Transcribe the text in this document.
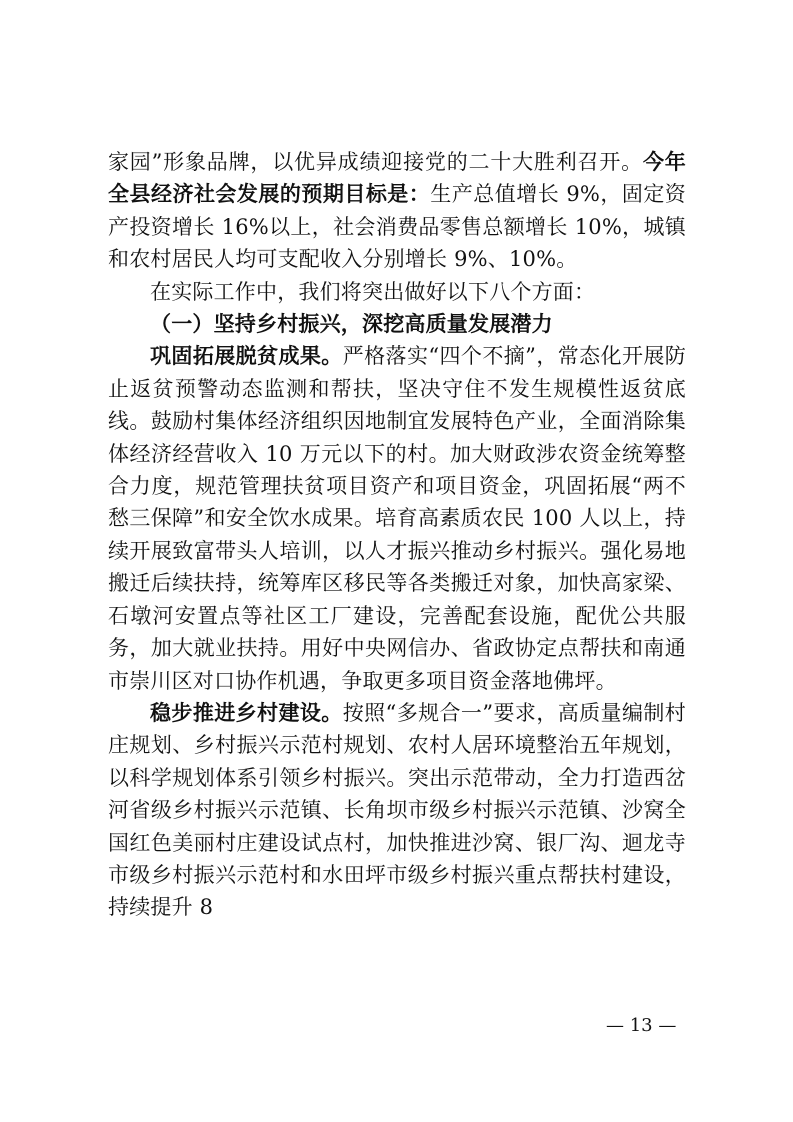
家园”形象品牌，以优异成绩迎接党的二十大胜利召开。今年全县经济社会发展的预期目标是：生产总值增长 9%，固定资产投资增长 16%以上，社会消费品零售总额增长 10%，城镇和农村居民人均可支配收入分别增长 9%、10%。

在实际工作中，我们将突出做好以下八个方面：

（一）坚持乡村振兴，深挖高质量发展潜力

巩固拓展脱贫成果。严格落实“四个不摘”，常态化开展防止返贫预警动态监测和帮扶，坚决守住不发生规模性返贫底线。鼓励村集体经济组织因地制宜发展特色产业，全面消除集体经济经营收入 10 万元以下的村。加大财政涉农资金统筹整合力度，规范管理扶贫项目资产和项目资金，巩固拓展“两不愁三保障”和安全饮水成果。培育高素质农民 100 人以上，持续开展致富带头人培训，以人才振兴推动乡村振兴。强化易地搬迁后续扶持，统筹库区移民等各类搬迁对象，加快高家梁、石墩河安置点等社区工厂建设，完善配套设施，配优公共服务，加大就业扶持。用好中央网信办、省政协定点帮扶和南通市崇川区对口协作机遇，争取更多项目资金落地佛坪。

稳步推进乡村建设。按照“多规合一”要求，高质量编制村庄规划、乡村振兴示范村规划、农村人居环境整治五年规划，以科学规划体系引领乡村振兴。突出示范带动，全力打造西岔河省级乡村振兴示范镇、长角坝市级乡村振兴示范镇、沙窝全国红色美丽村庄建设试点村，加快推进沙窝、银厂沟、迴龙寺市级乡村振兴示范村和水田坪市级乡村振兴重点帮扶村建设，持续提升 8

— 13 —
